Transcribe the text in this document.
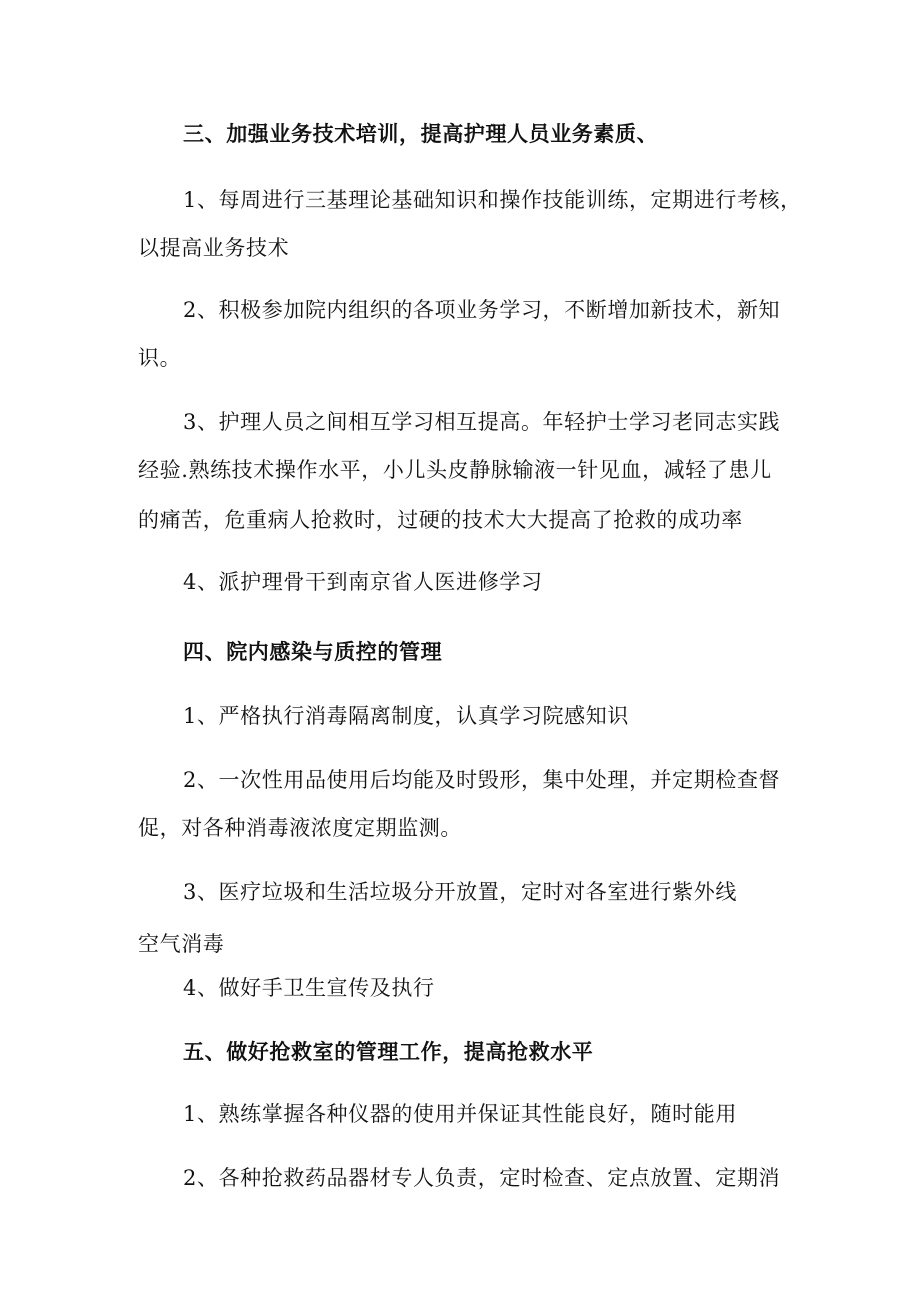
三、加强业务技术培训，提高护理人员业务素质、
1、每周进行三基理论基础知识和操作技能训练，定期进行考核，
以提高业务技术
2、积极参加院内组织的各项业务学习，不断增加新技术，新知
识。
3、护理人员之间相互学习相互提高。年轻护士学习老同志实践
经验.熟练技术操作水平，小儿头皮静脉输液一针见血，减轻了患儿
的痛苦，危重病人抢救时，过硬的技术大大提高了抢救的成功率
4、派护理骨干到南京省人医进修学习
四、院内感染与质控的管理
1、严格执行消毒隔离制度，认真学习院感知识
2、一次性用品使用后均能及时毁形，集中处理，并定期检查督
促，对各种消毒液浓度定期监测。
3、医疗垃圾和生活垃圾分开放置，定时对各室进行紫外线
空气消毒
4、做好手卫生宣传及执行
五、做好抢救室的管理工作，提高抢救水平
1、熟练掌握各种仪器的使用并保证其性能良好，随时能用
2、各种抢救药品器材专人负责，定时检查、定点放置、定期消
